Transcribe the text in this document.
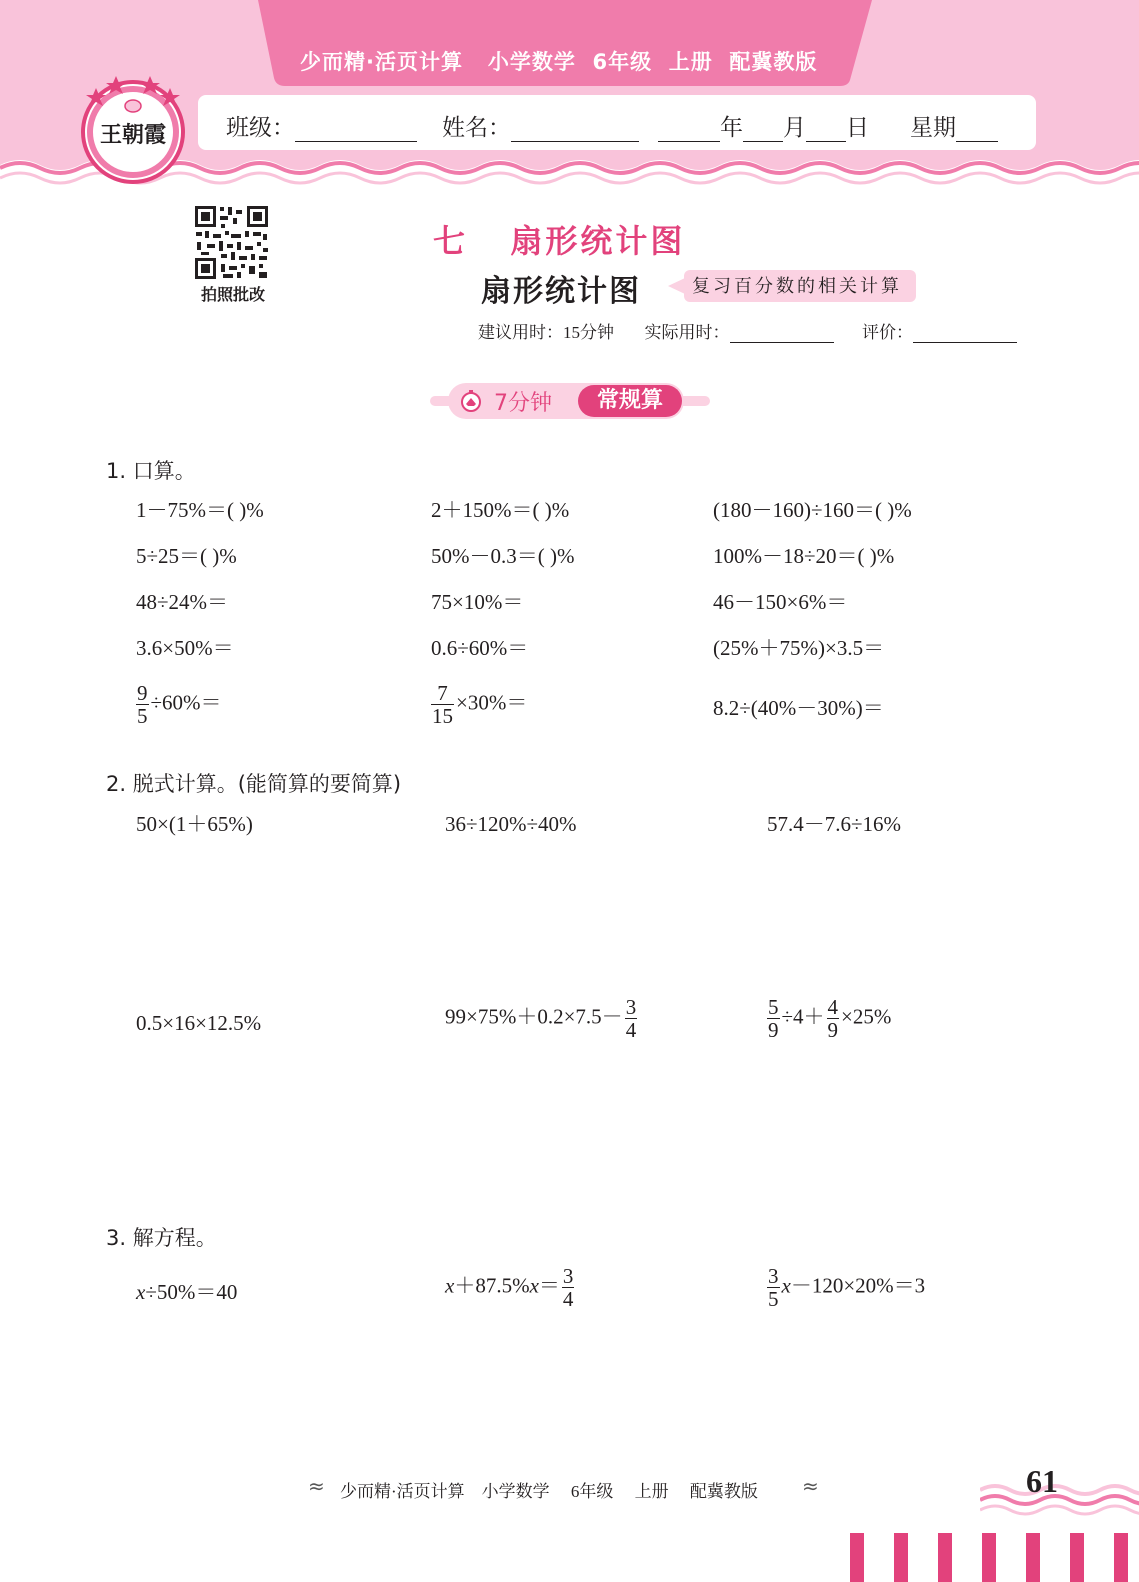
少而精·活页计算   小学数学  6年级  上册  配冀教版
班级：	姓名：	年 月 日 星期
王朝霞
拍照批改
七   扇形统计图
扇形统计图	复习百分数的相关计算
建议用时：15分钟 实际用时：	评价：
7分钟	常规算
1. 口算。
1－75%＝( )%	2＋150%＝( )%	(180－160)÷160＝( )%
5÷25＝( )%	50%－0.3＝( )%	100%－18÷20＝( )%
48÷24%＝	75×10%＝	46－150×6%＝
3.6×50%＝	0.6÷60%＝	(25%＋75%)×3.5＝
$\frac{9}{5} \div 60\%=$	$\frac{7}{15} \times 30\%=$	8.2÷(40%－30%)＝
2. 脱式计算。(能简算的要简算)
50×(1＋65%)	36÷120%÷40%	57.4－7.6÷16%
0.5×16×12.5%	$99\times 75\%+0.2\times 7.5- \frac{3}{4}$	$\frac{5}{9} \div 4+ \frac{4}{9} \times 25\%$
3. 解方程。
x÷50%＝40	$x+87.5\%x= \frac{3}{4}$	$\frac{3}{5} x-120\times 20\%=3$
≈ 少而精·活页计算    小学数学     6年级     上册     配冀教版 ≈	61
